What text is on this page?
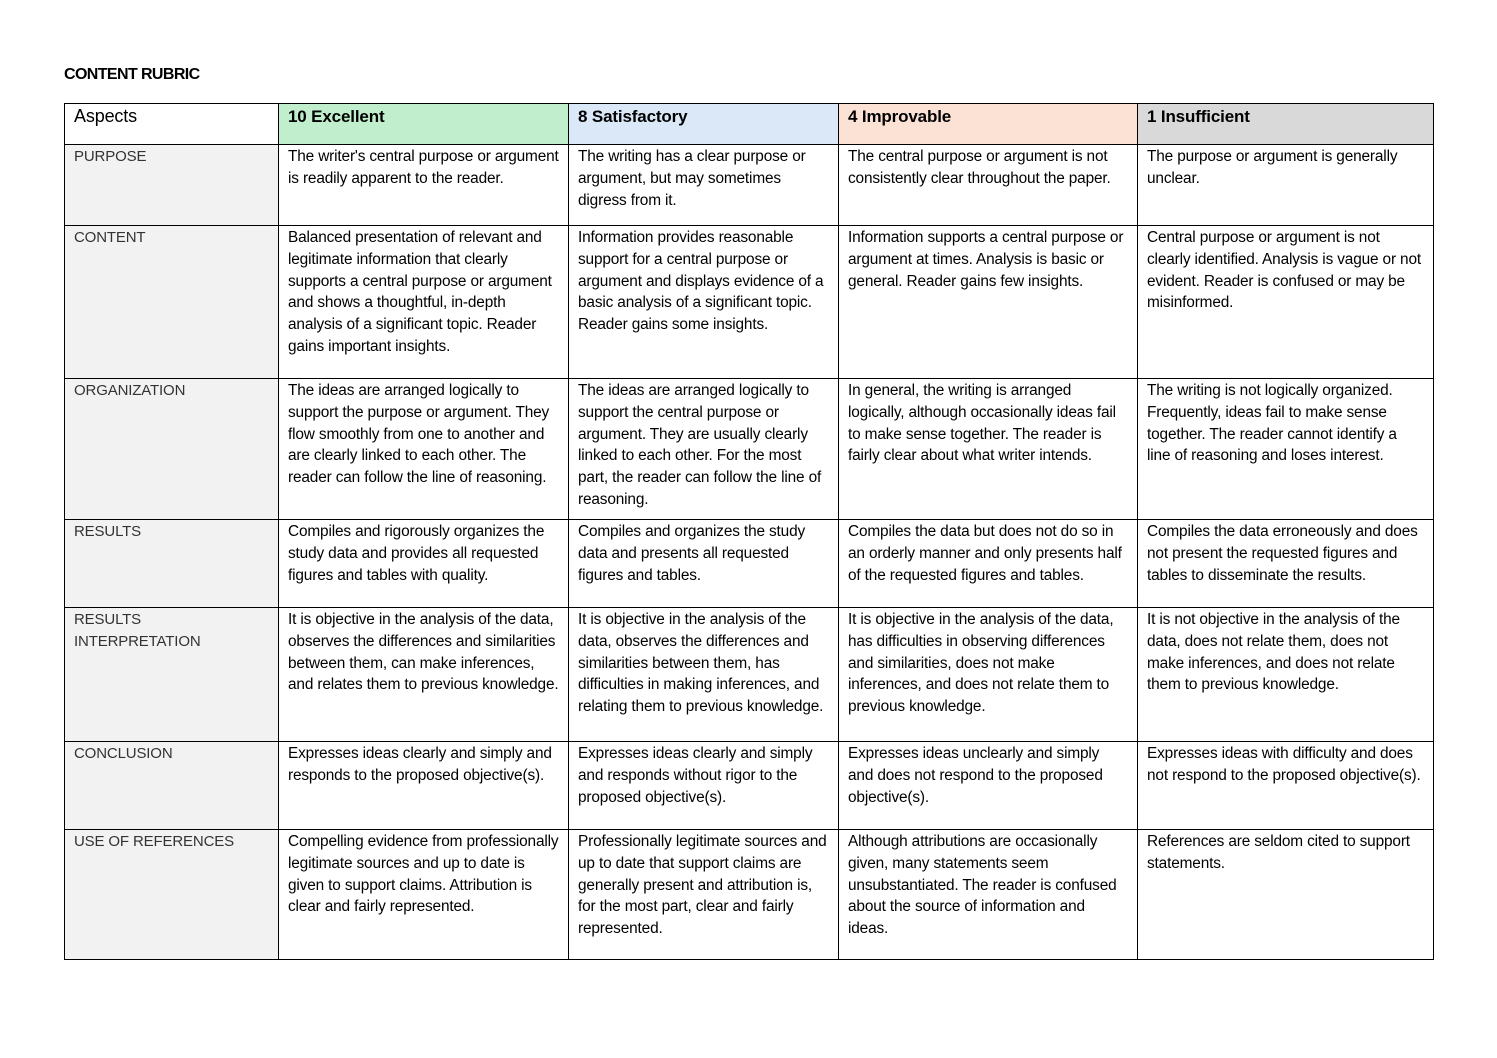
CONTENT RUBRIC
Aspects	10 Excellent	8 Satisfactory	4 Improvable	1 Insufficient
PURPOSE	The writer's central purpose or argument is readily apparent to the reader.	The writing has a clear purpose or argument, but may sometimes digress from it.	The central purpose or argument is not consistently clear throughout the paper.	The purpose or argument is generally unclear.
CONTENT	Balanced presentation of relevant and legitimate information that clearly supports a central purpose or argument and shows a thoughtful, in-depth analysis of a significant topic. Reader gains important insights.	Information provides reasonable support for a central purpose or argument and displays evidence of a basic analysis of a significant topic. Reader gains some insights.	Information supports a central purpose or argument at times. Analysis is basic or general. Reader gains few insights.	Central purpose or argument is not clearly identified. Analysis is vague or not evident. Reader is confused or may be misinformed.
ORGANIZATION	The ideas are arranged logically to support the purpose or argument. They flow smoothly from one to another and are clearly linked to each other. The reader can follow the line of reasoning.	The ideas are arranged logically to support the central purpose or argument. They are usually clearly linked to each other. For the most part, the reader can follow the line of reasoning.	In general, the writing is arranged logically, although occasionally ideas fail to make sense together. The reader is fairly clear about what writer intends.	The writing is not logically organized. Frequently, ideas fail to make sense together. The reader cannot identify a line of reasoning and loses interest.
RESULTS	Compiles and rigorously organizes the study data and provides all requested figures and tables with quality.	Compiles and organizes the study data and presents all requested figures and tables.	Compiles the data but does not do so in an orderly manner and only presents half of the requested figures and tables.	Compiles the data erroneously and does not present the requested figures and tables to disseminate the results.
RESULTS INTERPRETATION	It is objective in the analysis of the data, observes the differences and similarities between them, can make inferences, and relates them to previous knowledge.	It is objective in the analysis of the data, observes the differences and similarities between them, has difficulties in making inferences, and relating them to previous knowledge.	It is objective in the analysis of the data, has difficulties in observing differences and similarities, does not make inferences, and does not relate them to previous knowledge.	It is not objective in the analysis of the data, does not relate them, does not make inferences, and does not relate them to previous knowledge.
CONCLUSION	Expresses ideas clearly and simply and responds to the proposed objective(s).	Expresses ideas clearly and simply and responds without rigor to the proposed objective(s).	Expresses ideas unclearly and simply and does not respond to the proposed objective(s).	Expresses ideas with difficulty and does not respond to the proposed objective(s).
USE OF REFERENCES	Compelling evidence from professionally legitimate sources and up to date is given to support claims. Attribution is clear and fairly represented.	Professionally legitimate sources and up to date that support claims are generally present and attribution is, for the most part, clear and fairly represented.	Although attributions are occasionally given, many statements seem unsubstantiated. The reader is confused about the source of information and ideas.	References are seldom cited to support statements.
